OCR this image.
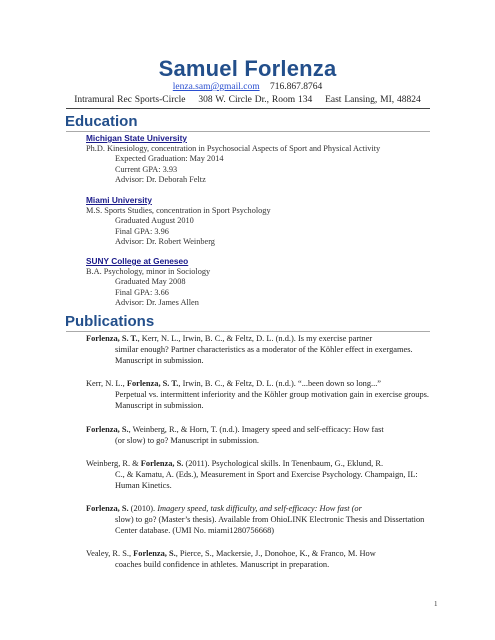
Samuel Forlenza
lenza.sam@gmail.com 716.867.8764
Intramural Rec Sports-Circle 308 W. Circle Dr., Room 134 East Lansing, MI, 48824
Education
Michigan State University
Ph.D. Kinesiology, concentration in Psychosocial Aspects of Sport and Physical Activity
Expected Graduation: May 2014
Current GPA: 3.93
Advisor: Dr. Deborah Feltz
Miami University
M.S. Sports Studies, concentration in Sport Psychology
Graduated August 2010
Final GPA: 3.96
Advisor: Dr. Robert Weinberg
SUNY College at Geneseo
B.A. Psychology, minor in Sociology
Graduated May 2008
Final GPA: 3.66
Advisor: Dr. James Allen
Publications
Forlenza, S. T., Kerr, N. L., Irwin, B. C., & Feltz, D. L. (n.d.). Is my exercise partner
similar enough? Partner characteristics as a moderator of the Köhler effect in exergames. Manuscript in submission.
Kerr, N. L., Forlenza, S. T., Irwin, B. C., & Feltz, D. L. (n.d.). “...been down so long...”
Perpetual vs. intermittent inferiority and the Köhler group motivation gain in exercise groups. Manuscript in submission.
Forlenza, S., Weinberg, R., & Horn, T. (n.d.). Imagery speed and self-efficacy: How fast
(or slow) to go? Manuscript in submission.
Weinberg, R. & Forlenza, S. (2011). Psychological skills. In Tenenbaum, G., Eklund, R.
C., & Kamatu, A. (Eds.), Measurement in Sport and Exercise Psychology. Champaign, IL: Human Kinetics.
Forlenza, S. (2010). Imagery speed, task difficulty, and self-efficacy: How fast (or
slow) to go? (Master’s thesis). Available from OhioLINK Electronic Thesis and Dissertation Center database. (UMI No. miami1280756668)
Vealey, R. S., Forlenza, S., Pierce, S., Mackersie, J., Donohoe, K., & Franco, M. How
coaches build confidence in athletes. Manuscript in preparation.
1
